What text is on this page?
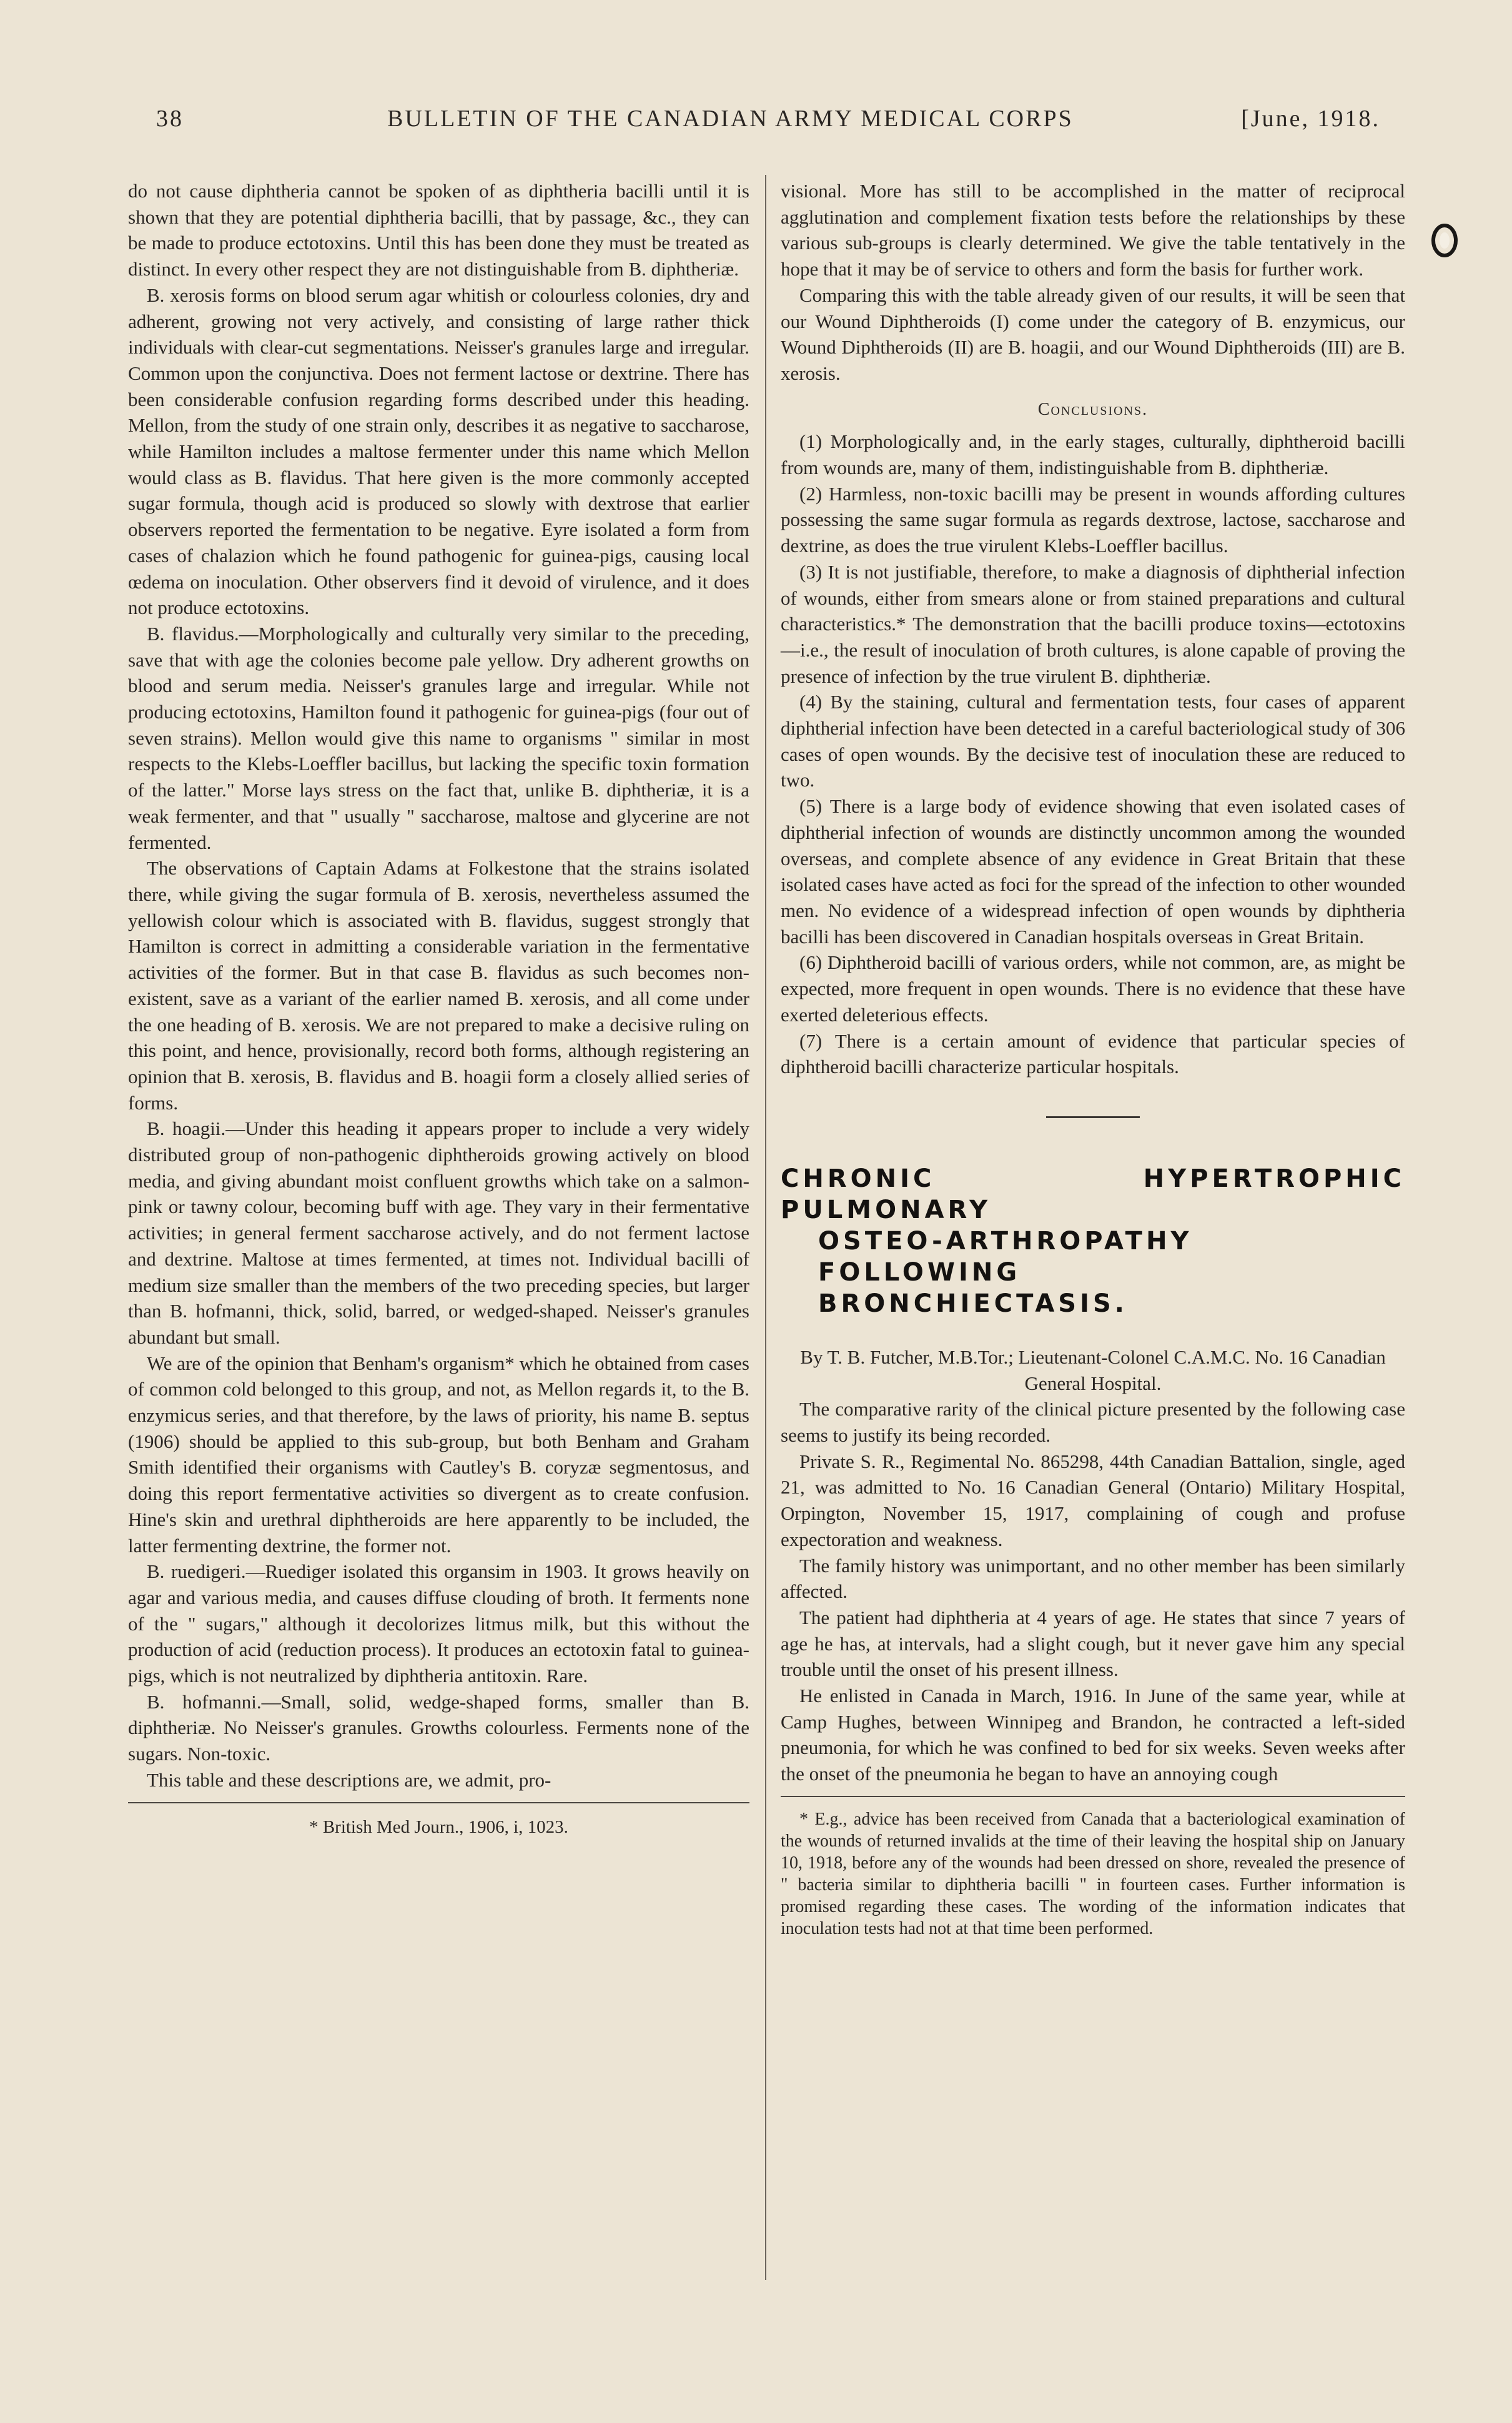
38	BULLETIN OF THE CANADIAN ARMY MEDICAL CORPS	[June, 1918.

do not cause diphtheria cannot be spoken of as diphtheria bacilli until it is shown that they are potential diphtheria bacilli, that by passage, &c., they can be made to produce ectotoxins. Until this has been done they must be treated as distinct. In every other respect they are not distinguishable from B. diphtheriæ.

B. xerosis forms on blood serum agar whitish or colourless colonies, dry and adherent, growing not very actively, and consisting of large rather thick individuals with clear-cut segmentations. Neisser's granules large and irregular. Common upon the conjunctiva. Does not ferment lactose or dextrine. There has been considerable confusion regarding forms described under this heading. Mellon, from the study of one strain only, describes it as negative to saccharose, while Hamilton includes a maltose fermenter under this name which Mellon would class as B. flavidus. That here given is the more commonly accepted sugar formula, though acid is produced so slowly with dextrose that earlier observers reported the fermentation to be negative. Eyre isolated a form from cases of chalazion which he found pathogenic for guinea-pigs, causing local œdema on inoculation. Other observers find it devoid of virulence, and it does not produce ectotoxins.

B. flavidus.—Morphologically and culturally very similar to the preceding, save that with age the colonies become pale yellow. Dry adherent growths on blood and serum media. Neisser's granules large and irregular. While not producing ectotoxins, Hamilton found it pathogenic for guinea-pigs (four out of seven strains). Mellon would give this name to organisms " similar in most respects to the Klebs-Loeffler bacillus, but lacking the specific toxin formation of the latter." Morse lays stress on the fact that, unlike B. diphtheriæ, it is a weak fermenter, and that " usually " saccharose, maltose and glycerine are not fermented.

The observations of Captain Adams at Folkestone that the strains isolated there, while giving the sugar formula of B. xerosis, nevertheless assumed the yellowish colour which is associated with B. flavidus, suggest strongly that Hamilton is correct in admitting a considerable variation in the fermentative activities of the former. But in that case B. flavidus as such becomes non-existent, save as a variant of the earlier named B. xerosis, and all come under the one heading of B. xerosis. We are not prepared to make a decisive ruling on this point, and hence, provisionally, record both forms, although registering an opinion that B. xerosis, B. flavidus and B. hoagii form a closely allied series of forms.

B. hoagii.—Under this heading it appears proper to include a very widely distributed group of non-pathogenic diphtheroids growing actively on blood media, and giving abundant moist confluent growths which take on a salmon-pink or tawny colour, becoming buff with age. They vary in their fermentative activities; in general ferment saccharose actively, and do not ferment lactose and dextrine. Maltose at times fermented, at times not. Individual bacilli of medium size smaller than the members of the two preceding species, but larger than B. hofmanni, thick, solid, barred, or wedged-shaped. Neisser's granules abundant but small.

We are of the opinion that Benham's organism* which he obtained from cases of common cold belonged to this group, and not, as Mellon regards it, to the B. enzymicus series, and that therefore, by the laws of priority, his name B. septus (1906) should be applied to this sub-group, but both Benham and Graham Smith identified their organisms with Cautley's B. coryzæ segmentosus, and doing this report fermentative activities so divergent as to create confusion. Hine's skin and urethral diphtheroids are here apparently to be included, the latter fermenting dextrine, the former not.

B. ruedigeri.—Ruediger isolated this organsim in 1903. It grows heavily on agar and various media, and causes diffuse clouding of broth. It ferments none of the " sugars," although it decolorizes litmus milk, but this without the production of acid (reduction process). It produces an ectotoxin fatal to guinea-pigs, which is not neutralized by diphtheria antitoxin. Rare.

B. hofmanni.—Small, solid, wedge-shaped forms, smaller than B. diphtheriæ. No Neisser's granules. Growths colourless. Ferments none of the sugars. Non-toxic.

This table and these descriptions are, we admit, pro-

* British Med Journ., 1906, i, 1023.

visional. More has still to be accomplished in the matter of reciprocal agglutination and complement fixation tests before the relationships by these various sub-groups is clearly determined. We give the table tentatively in the hope that it may be of service to others and form the basis for further work.

Comparing this with the table already given of our results, it will be seen that our Wound Diphtheroids (I) come under the category of B. enzymicus, our Wound Diphtheroids (II) are B. hoagii, and our Wound Diphtheroids (III) are B. xerosis.

Conclusions.

(1) Morphologically and, in the early stages, culturally, diphtheroid bacilli from wounds are, many of them, indistinguishable from B. diphtheriæ.

(2) Harmless, non-toxic bacilli may be present in wounds affording cultures possessing the same sugar formula as regards dextrose, lactose, saccharose and dextrine, as does the true virulent Klebs-Loeffler bacillus.

(3) It is not justifiable, therefore, to make a diagnosis of diphtherial infection of wounds, either from smears alone or from stained preparations and cultural characteristics.* The demonstration that the bacilli produce toxins—ectotoxins—i.e., the result of inoculation of broth cultures, is alone capable of proving the presence of infection by the true virulent B. diphtheriæ.

(4) By the staining, cultural and fermentation tests, four cases of apparent diphtherial infection have been detected in a careful bacteriological study of 306 cases of open wounds. By the decisive test of inoculation these are reduced to two.

(5) There is a large body of evidence showing that even isolated cases of diphtherial infection of wounds are distinctly uncommon among the wounded overseas, and complete absence of any evidence in Great Britain that these isolated cases have acted as foci for the spread of the infection to other wounded men. No evidence of a widespread infection of open wounds by diphtheria bacilli has been discovered in Canadian hospitals overseas in Great Britain.

(6) Diphtheroid bacilli of various orders, while not common, are, as might be expected, more frequent in open wounds. There is no evidence that these have exerted deleterious effects.

(7) There is a certain amount of evidence that particular species of diphtheroid bacilli characterize particular hospitals.

CHRONIC HYPERTROPHIC PULMONARY
OSTEO-ARTHROPATHY FOLLOWING
BRONCHIECTASIS.

By T. B. Futcher, M.B.Tor.; Lieutenant-Colonel C.A.M.C. No. 16 Canadian General Hospital.

The comparative rarity of the clinical picture presented by the following case seems to justify its being recorded.

Private S. R., Regimental No. 865298, 44th Canadian Battalion, single, aged 21, was admitted to No. 16 Canadian General (Ontario) Military Hospital, Orpington, November 15, 1917, complaining of cough and profuse expectoration and weakness.

The family history was unimportant, and no other member has been similarly affected.

The patient had diphtheria at 4 years of age. He states that since 7 years of age he has, at intervals, had a slight cough, but it never gave him any special trouble until the onset of his present illness.

He enlisted in Canada in March, 1916. In June of the same year, while at Camp Hughes, between Winnipeg and Brandon, he contracted a left-sided pneumonia, for which he was confined to bed for six weeks. Seven weeks after the onset of the pneumonia he began to have an annoying cough

* E.g., advice has been received from Canada that a bacteriological examination of the wounds of returned invalids at the time of their leaving the hospital ship on January 10, 1918, before any of the wounds had been dressed on shore, revealed the presence of " bacteria similar to diphtheria bacilli " in fourteen cases. Further information is promised regarding these cases. The wording of the information indicates that inoculation tests had not at that time been performed.
